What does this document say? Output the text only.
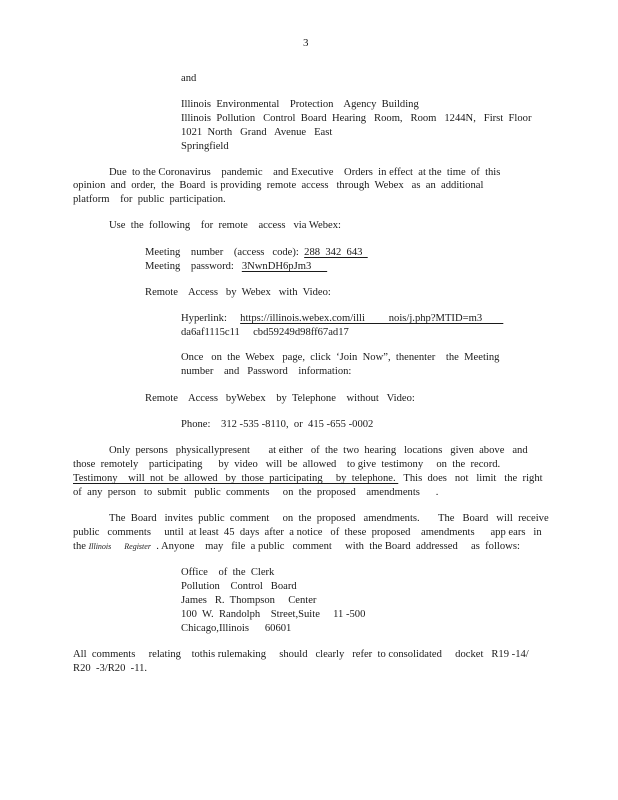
3
and
Illinois  Environmental    Protection    Agency  Building
Illinois  Pollution   Control  Board  Hearing   Room,   Room   1244N,   First  Floor
1021  North   Grand   Avenue   East
Springfield
Due  to the Coronavirus    pandemic    and Executive    Orders  in effect  at the  time  of  this
opinion  and  order,  the  Board  is providing  remote  access   through  Webex   as  an  additional
platform    for  public  participation.
Use  the  following    for  remote    access   via Webex:
Meeting    number    (access   code):  288  342  643
Meeting    password:   3NwnDH6pJm3
Remote    Access   by  Webex   with  Video:
Hyperlink:     https://illinois.webex.com/illi         nois/j.php?MTID=m3
da6af1115c11     cbd59249d98ff67ad17
Once   on  the  Webex   page,  click  ‘Join  Now”,  thenenter    the  Meeting
number    and   Password    information:
Remote    Access   byWebex    by  Telephone    without   Video:
Phone:    312 -535 -8110,  or  415 -655 -0002
Only  persons   physicallypresent       at either   of  the  two  hearing   locations   given  above   and
those  remotely    participating      by  video   will  be  allowed    to give  testimony     on  the  record.
Testimony    will  not  be  allowed   by  those  participating     by  telephone.   This  does   not   limit   the  right
of  any  person   to  submit   public  comments     on  the  proposed    amendments      .
The  Board   invites  public  comment     on  the  proposed   amendments.       The   Board   will  receive
public   comments     until  at least  45  days  after  a notice   of  these  proposed    amendments      app ears   in
the Illinois Register  . Anyone    may   file  a public   comment     with  the Board  addressed     as  follows:
Office    of  the  Clerk
Pollution    Control   Board
James   R.  Thompson     Center
100  W.  Randolph    Street,Suite     11 -500
Chicago,Illinois      60601
All  comments     relating    tothis rulemaking     should   clearly   refer  to consolidated     docket   R19 -14/
R20  -3/R20  -11.
